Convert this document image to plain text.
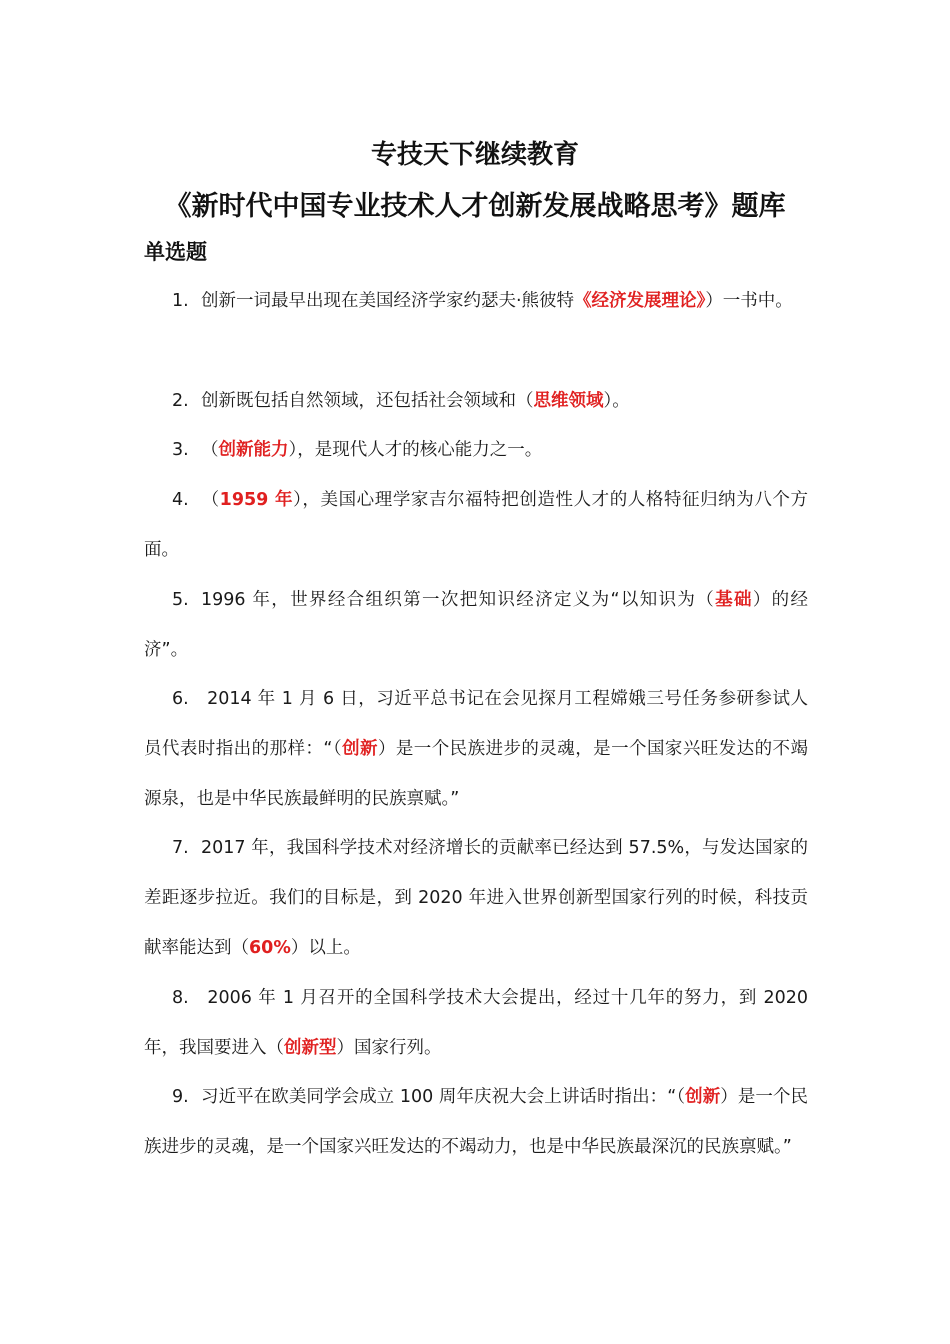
专技天下继续教育
《新时代中国专业技术人才创新发展战略思考》题库
单选题
1. 创新一词最早出现在美国经济学家约瑟夫·熊彼特《经济发展理论》）一书中。
2. 创新既包括自然领域，还包括社会领域和（思维领域）。
3. （创新能力），是现代人才的核心能力之一。
4. （1959 年），美国心理学家吉尔福特把创造性人才的人格特征归纳为八个方面。
5. 1996 年，世界经合组织第一次把知识经济定义为“以知识为（基础）的经济”。
6. 2014 年 1 月 6 日，习近平总书记在会见探月工程嫦娥三号任务参研参试人员代表时指出的那样：“（创新）是一个民族进步的灵魂，是一个国家兴旺发达的不竭源泉，也是中华民族最鲜明的民族禀赋。”
7. 2017 年，我国科学技术对经济增长的贡献率已经达到 57.5%，与发达国家的差距逐步拉近。我们的目标是，到 2020 年进入世界创新型国家行列的时候，科技贡献率能达到（60%）以上。
8. 2006 年 1 月召开的全国科学技术大会提出，经过十几年的努力，到 2020 年，我国要进入（创新型）国家行列。
9. 习近平在欧美同学会成立 100 周年庆祝大会上讲话时指出：“（创新）是一个民族进步的灵魂，是一个国家兴旺发达的不竭动力，也是中华民族最深沉的民族禀赋。”
